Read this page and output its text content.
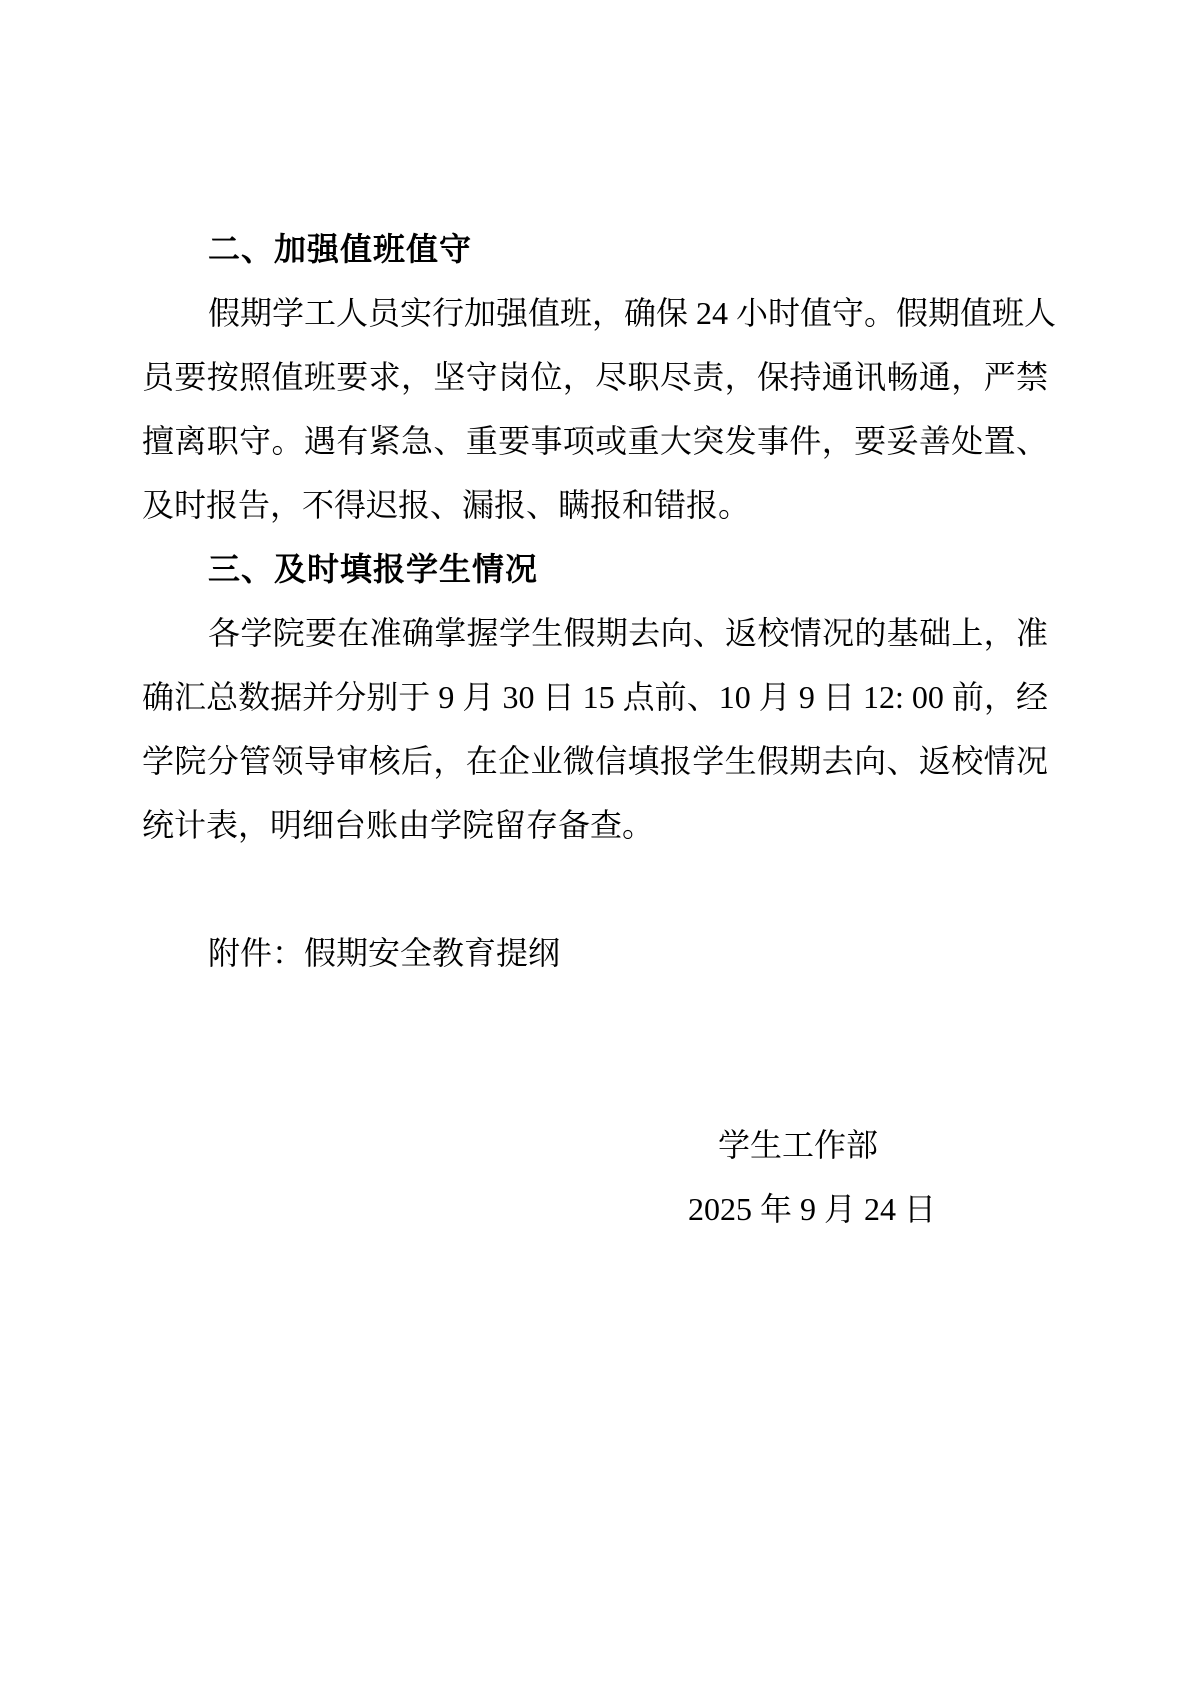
二、加强值班值守
假期学工人员实行加强值班，确保 24 小时值守。假期值班人
员要按照值班要求，坚守岗位，尽职尽责，保持通讯畅通，严禁
擅离职守。遇有紧急、重要事项或重大突发事件，要妥善处置、
及时报告，不得迟报、漏报、瞒报和错报。
三、及时填报学生情况
各学院要在准确掌握学生假期去向、返校情况的基础上，准
确汇总数据并分别于 9 月 30 日 15 点前、10 月 9 日 12: 00 前，经
学院分管领导审核后，在企业微信填报学生假期去向、返校情况
统计表，明细台账由学院留存备查。
附件：假期安全教育提纲
学生工作部
2025 年 9 月 24 日
